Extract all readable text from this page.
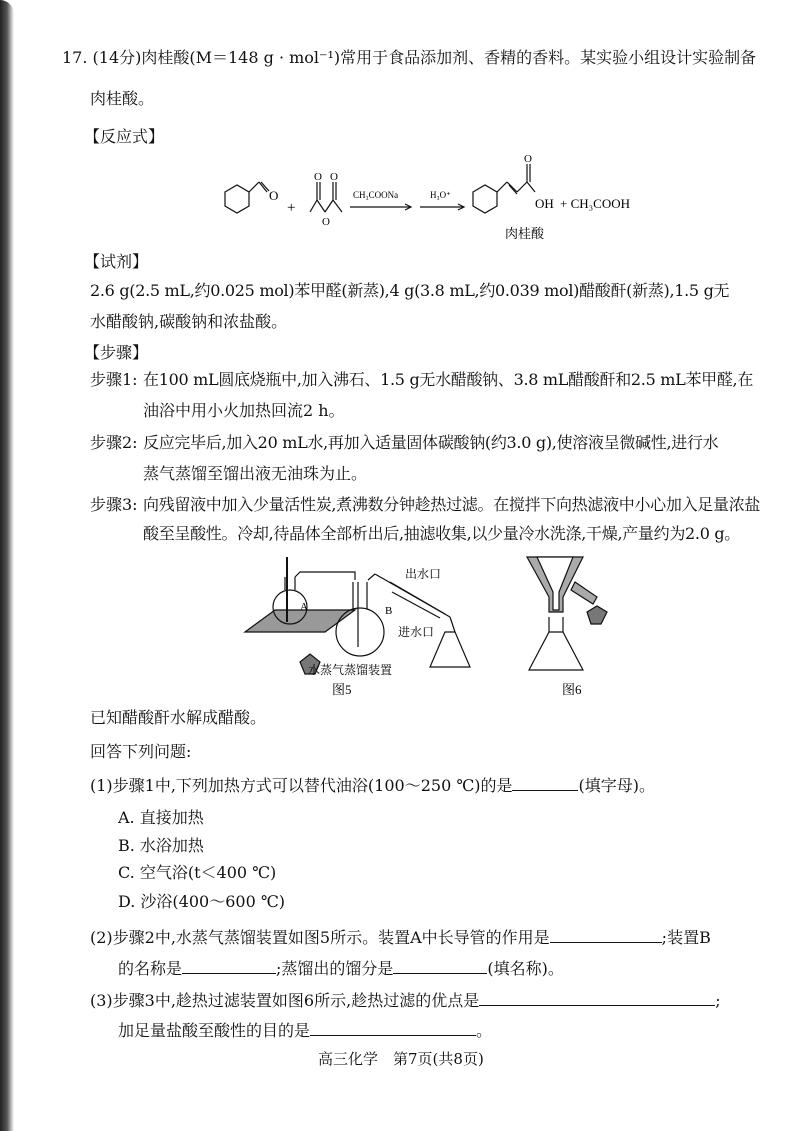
17. (14分)肉桂酸(M＝148 g · mol⁻¹)常用于食品添加剂、香精的香料。某实验小组设计实验制备
肉桂酸。
【反应式】
O
+
O O
O
CH₃COONa	H₃O⁺
O
OH + CH₃COOH
肉桂酸
【试剂】
2.6 g(2.5 mL,约0.025 mol)苯甲醛(新蒸),4 g(3.8 mL,约0.039 mol)醋酸酐(新蒸),1.5 g无
水醋酸钠,碳酸钠和浓盐酸。
【步骤】
步骤1: 在100 mL圆底烧瓶中,加入沸石、1.5 g无水醋酸钠、3.8 mL醋酸酐和2.5 mL苯甲醛,在
油浴中用小火加热回流2 h。
步骤2: 反应完毕后,加入20 mL水,再加入适量固体碳酸钠(约3.0 g),使溶液呈微碱性,进行水
蒸气蒸馏至馏出液无油珠为止。
步骤3: 向残留液中加入少量活性炭,煮沸数分钟趁热过滤。在搅拌下向热滤液中小心加入足量浓盐
酸至呈酸性。冷却,待晶体全部析出后,抽滤收集,以少量冷水洗涤,干燥,产量约为2.0 g。
A	B
出水口
进水口
水蒸气蒸馏装置
图5	图6
已知醋酸酐水解成醋酸。
回答下列问题:
(1)步骤1中,下列加热方式可以替代油浴(100～250 ℃)的是	(填字母)。
A. 直接加热
B. 水浴加热
C. 空气浴(t＜400 ℃)
D. 沙浴(400～600 ℃)
(2)步骤2中,水蒸气蒸馏装置如图5所示。装置A中长导管的作用是	;装置B
的名称是	;蒸馏出的馏分是	(填名称)。
(3)步骤3中,趁热过滤装置如图6所示,趁热过滤的优点是	;
加足量盐酸至酸性的目的是	。
高三化学　第7页(共8页)
